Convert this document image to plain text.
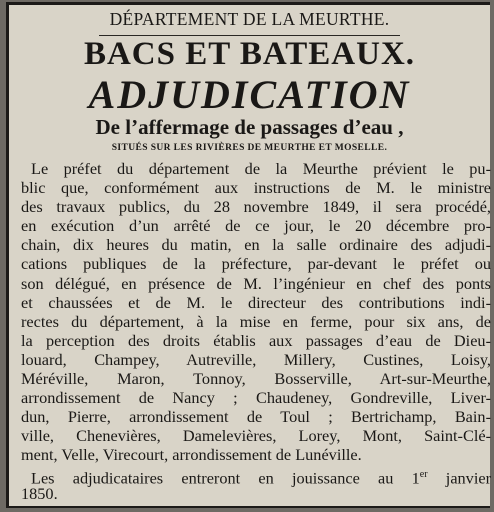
DÉPARTEMENT DE LA MEURTHE.
BACS ET BATEAUX.
ADJUDICATION
De l’affermage de passages d’eau ,
SITUÉS SUR LES RIVIÈRES DE MEURTHE ET MOSELLE.
Le préfet du département de la Meurthe prévient le pu-
blic que, conformément aux instructions de M. le ministre
des travaux publics, du 28 novembre 1849, il sera procédé,
en exécution d’un arrêté de ce jour, le 20 décembre pro-
chain, dix heures du matin, en la salle ordinaire des adjudi-
cations publiques de la préfecture, par-devant le préfet ou
son délégué, en présence de M. l’ingénieur en chef des ponts
et chaussées et de M. le directeur des contributions indi-
rectes du département, à la mise en ferme, pour six ans, de
la perception des droits établis aux passages d’eau de Dieu-
louard, Champey, Autreville, Millery, Custines, Loisy,
Méréville, Maron, Tonnoy, Bosserville, Art-sur-Meurthe,
arrondissement de Nancy ; Chaudeney, Gondreville, Liver-
dun, Pierre, arrondissement de Toul ; Bertrichamp, Bain-
ville, Chenevières, Damelevières, Lorey, Mont, Saint-Clé-
ment, Velle, Virecourt, arrondissement de Lunéville.
Les adjudicataires entreront en jouissance au 1er janvier
1850.
